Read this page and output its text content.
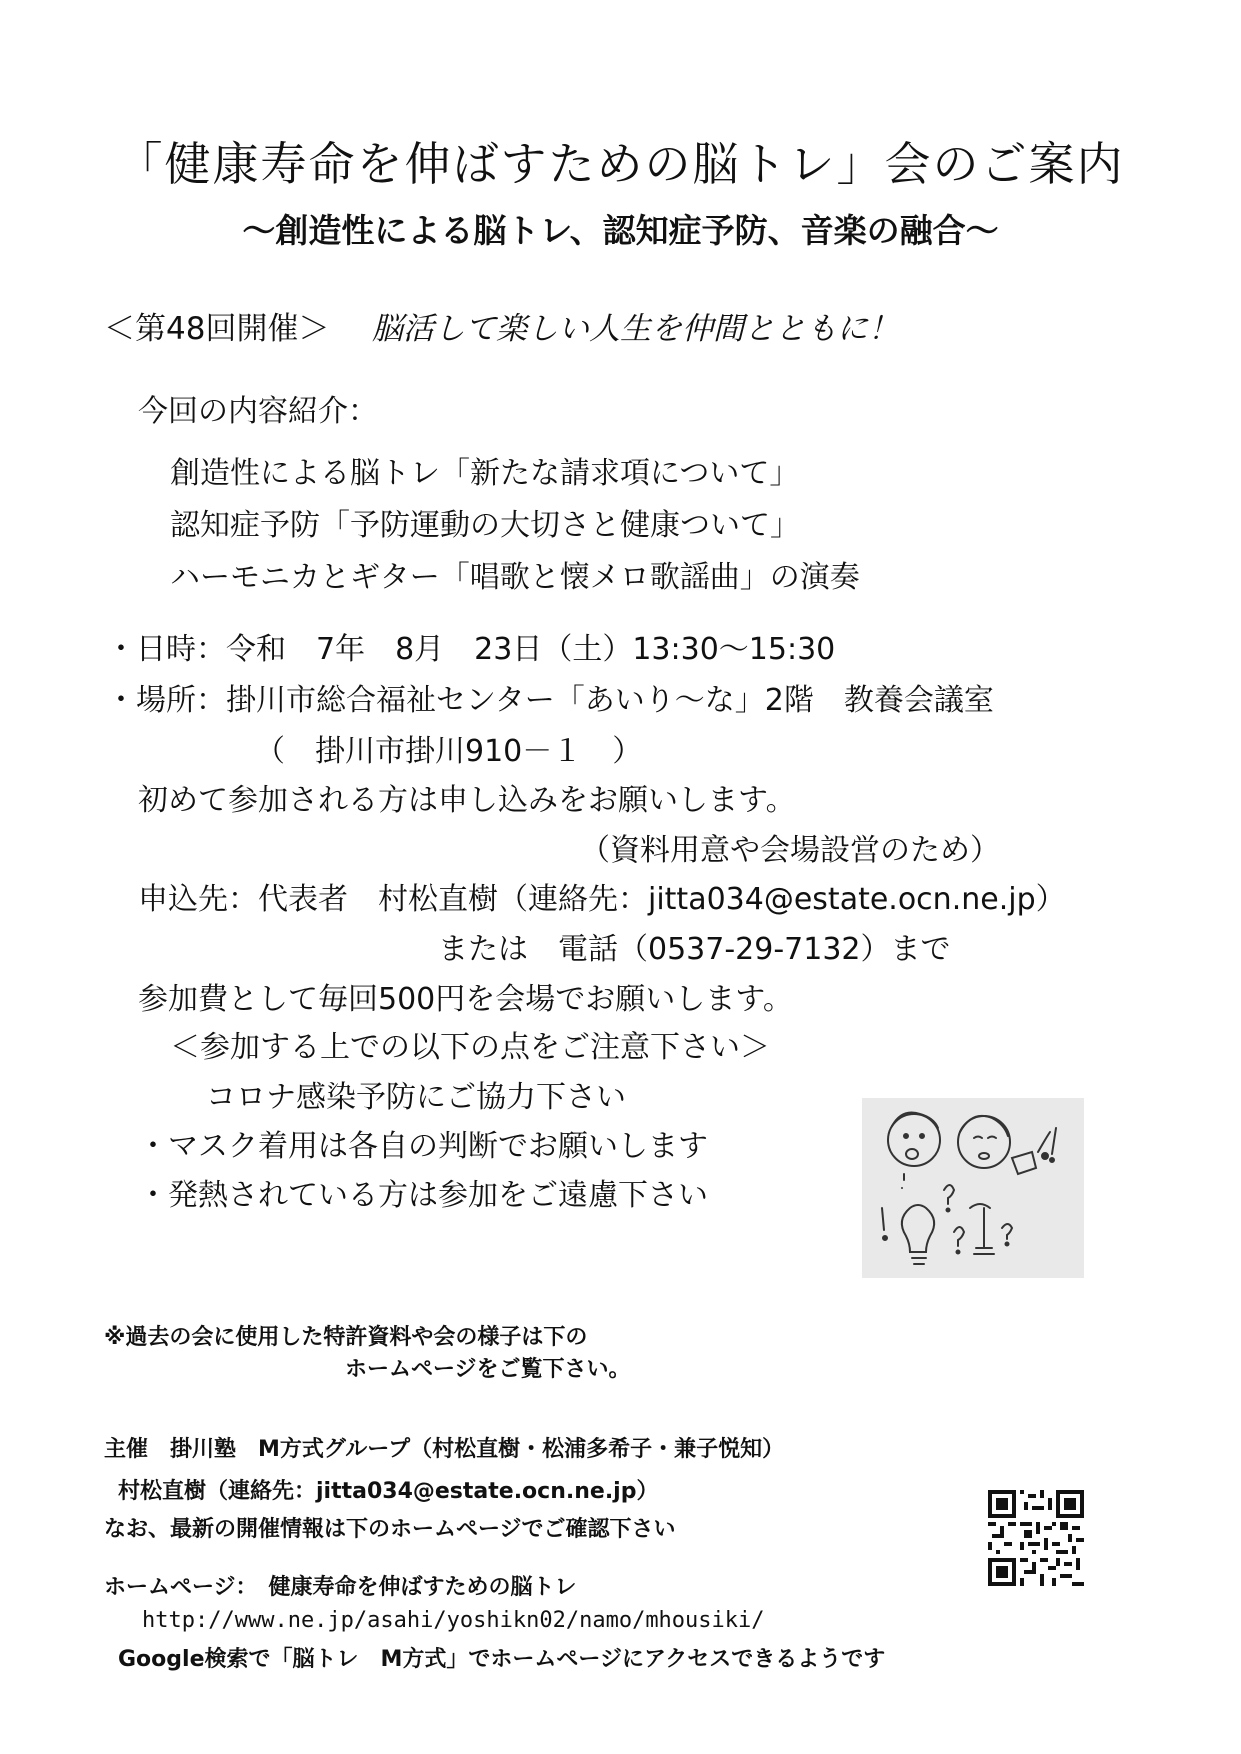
「健康寿命を伸ばすための脳トレ」会のご案内
〜創造性による脳トレ、認知症予防、音楽の融合〜
＜第48回開催＞ 脳活して楽しい人生を仲間とともに！
今回の内容紹介：
創造性による脳トレ「新たな請求項について」
認知症予防「予防運動の大切さと健康ついて」
ハーモニカとギター「唱歌と懐メロ歌謡曲」の演奏
・日時：令和　7年　8月　23日（土）13:30〜15:30
・場所：掛川市総合福祉センター「あいり〜な」2階　教養会議室
（　掛川市掛川910－１　）
初めて参加される方は申し込みをお願いします。
（資料用意や会場設営のため）
申込先：代表者　村松直樹（連絡先：jitta034@estate.ocn.ne.jp）
または　電話（0537-29-7132）まで
参加費として毎回500円を会場でお願いします。
＜参加する上での以下の点をご注意下さい＞
コロナ感染予防にご協力下さい
・マスク着用は各自の判断でお願いします
・発熱されている方は参加をご遠慮下さい
※過去の会に使用した特許資料や会の様子は下の
ホームページをご覧下さい。
主催　掛川塾　M方式グループ（村松直樹・松浦多希子・兼子悦知）
村松直樹（連絡先：jitta034@estate.ocn.ne.jp）
なお、最新の開催情報は下のホームページでご確認下さい
ホームページ：　健康寿命を伸ばすための脳トレ
http://www.ne.jp/asahi/yoshikn02/namo/mhousiki/
Google検索で「脳トレ　M方式」でホームページにアクセスできるようです
